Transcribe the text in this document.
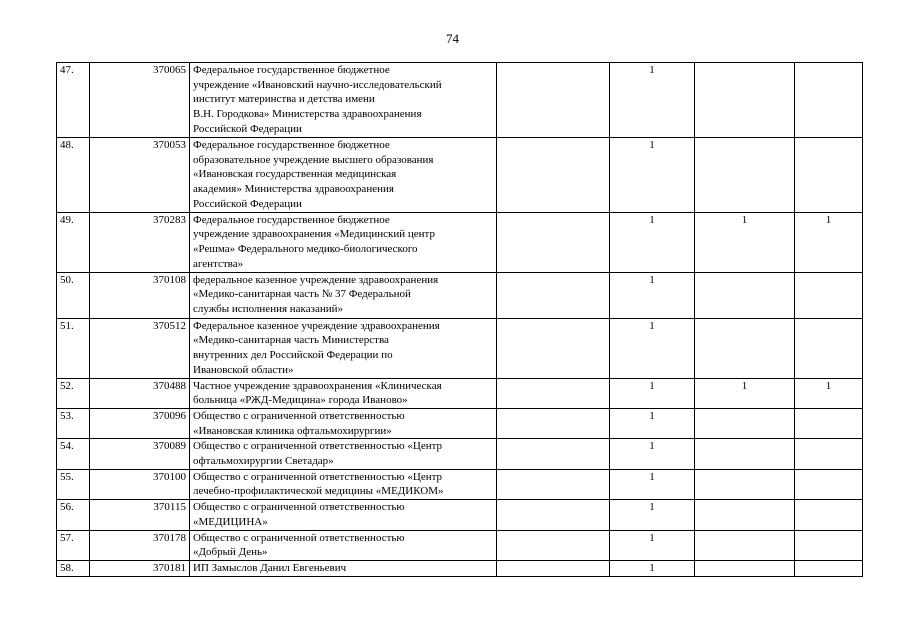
74
47.	370065	Федеральное государственное бюджетное
учреждение «Ивановский научно-исследовательский
институт материнства и детства имени
В.Н. Городкова» Министерства здравоохранения
Российской Федерации		1		
48.	370053	Федеральное государственное бюджетное
образовательное учреждение высшего образования
«Ивановская государственная медицинская
академия» Министерства здравоохранения
Российской Федерации		1		
49.	370283	Федеральное государственное бюджетное
учреждение здравоохранения «Медицинский центр
«Решма» Федерального медико-биологического
агентства»		1	1	1
50.	370108	федеральное казенное учреждение здравоохранения
«Медико-санитарная часть № 37 Федеральной
службы исполнения наказаний»		1		
51.	370512	Федеральное казенное учреждение здравоохранения
«Медико-санитарная часть Министерства
внутренних дел Российской Федерации по
Ивановской области»		1		
52.	370488	Частное учреждение здравоохранения «Клиническая
больница «РЖД-Медицина» города Иваново»		1	1	1
53.	370096	Общество с ограниченной ответственностью
«Ивановская клиника офтальмохирургии»		1		
54.	370089	Общество с ограниченной ответственностью «Центр
офтальмохирургии Светадар»		1		
55.	370100	Общество с ограниченной ответственностью «Центр
лечебно-профилактической медицины «МЕДИКОМ»		1		
56.	370115	Общество с ограниченной ответственностью
«МЕДИЦИНА»		1		
57.	370178	Общество с ограниченной ответственностью
«Добрый День»		1		
58.	370181	ИП Замыслов Данил Евгеньевич		1		
